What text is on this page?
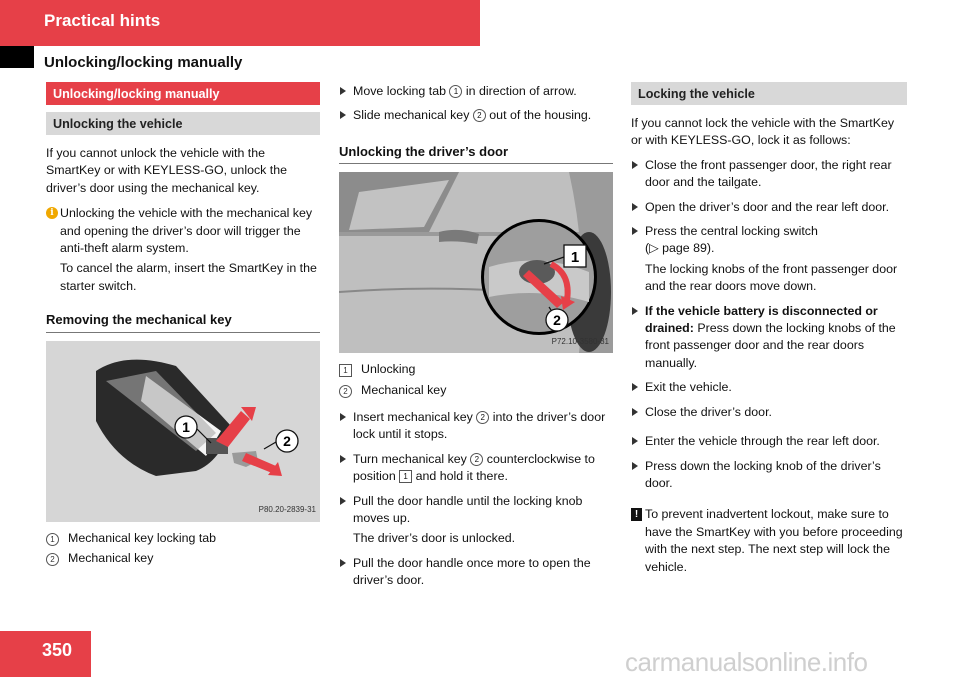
Practical hints
Unlocking/locking manually
Unlocking/locking manually
Unlocking the vehicle

If you cannot unlock the vehicle with the SmartKey or with KEYLESS-GO, unlock the driver’s door using the mechanical key.

i Unlocking the vehicle with the mechanical key and opening the driver’s door will trigger the anti-theft alarm system.
To cancel the alarm, insert the SmartKey in the starter switch.
Removing the mechanical key
1
2
P80.20-2839-31
1	Mechanical key locking tab
2	Mechanical key
Move locking tab 1 in direction of arrow.
Slide mechanical key 2 out of the housing.
Unlocking the driver’s door
1
2
P72.10-3580-31
1	Unlocking
2	Mechanical key
Insert mechanical key 2 into the driver’s door lock until it stops.
Turn mechanical key 2 counterclockwise to position 1 and hold it there.
Pull the door handle until the locking knob moves up.
The driver’s door is unlocked.
Pull the door handle once more to open the driver’s door.
Locking the vehicle

If you cannot lock the vehicle with the SmartKey or with KEYLESS-GO, lock it as follows:

Close the front passenger door, the right rear door and the tailgate.
Open the driver’s door and the rear left door.
Press the central locking switch
(▷ page 89).
The locking knobs of the front passenger door and the rear doors move down.
If the vehicle battery is disconnected or drained: Press down the locking knobs of the front passenger door and the rear doors manually.
Exit the vehicle.
Close the driver’s door.
Enter the vehicle through the rear left door.
Press down the locking knob of the driver’s door.
! To prevent inadvertent lockout, make sure to have the SmartKey with you before proceeding with the next step. The next step will lock the vehicle.
350	carmanualsonline.info
